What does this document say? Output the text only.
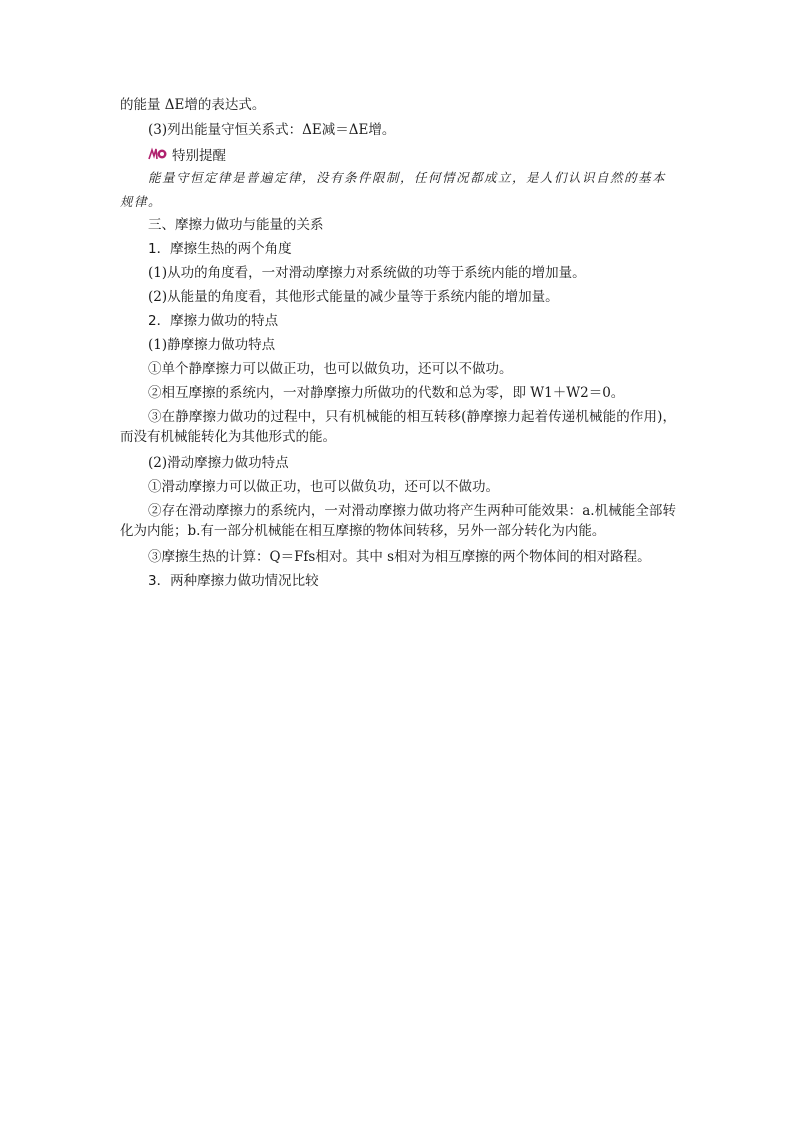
的能量 ΔE增的表达式。
(3)列出能量守恒关系式：ΔE减＝ΔE增。
特别提醒
能量守恒定律是普遍定律，没有条件限制，任何情况都成立，是人们认识自然的基本规律。
三、摩擦力做功与能量的关系
1．摩擦生热的两个角度
(1)从功的角度看，一对滑动摩擦力对系统做的功等于系统内能的增加量。
(2)从能量的角度看，其他形式能量的减少量等于系统内能的增加量。
2．摩擦力做功的特点
(1)静摩擦力做功特点
①单个静摩擦力可以做正功，也可以做负功，还可以不做功。
②相互摩擦的系统内，一对静摩擦力所做功的代数和总为零，即 W1＋W2＝0。
③在静摩擦力做功的过程中，只有机械能的相互转移(静摩擦力起着传递机械能的作用)，而没有机械能转化为其他形式的能。
(2)滑动摩擦力做功特点
①滑动摩擦力可以做正功，也可以做负功，还可以不做功。
②存在滑动摩擦力的系统内，一对滑动摩擦力做功将产生两种可能效果：a.机械能全部转化为内能；b.有一部分机械能在相互摩擦的物体间转移，另外一部分转化为内能。
③摩擦生热的计算：Q＝Ffs相对。其中 s相对为相互摩擦的两个物体间的相对路程。
3．两种摩擦力做功情况比较
